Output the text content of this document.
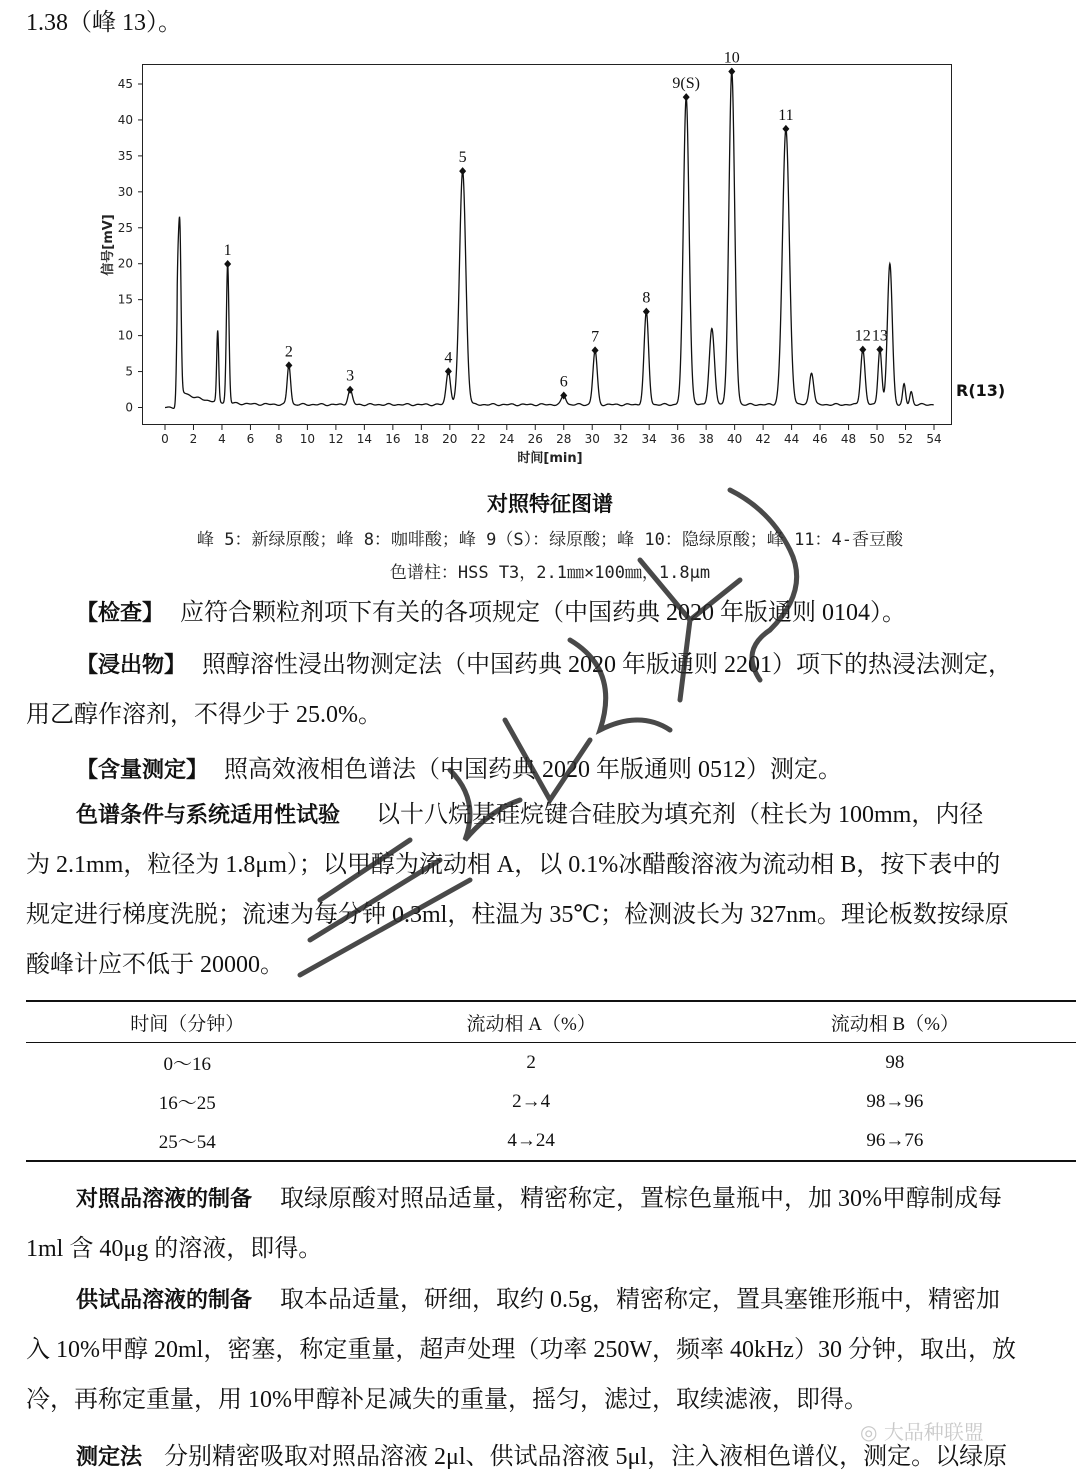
1.38（峰 13）。
0
5
10
15
20
25
30
35
40
45
0 2 4 6 8 10 12 14 16 18 20 22 24 26 28 30 32 34 36 38 40 42 44 46 48 50 52 54
时间[min]
信号[mV]	1
2
3
4
5
6
7
8
9(S)
10
11
12 13
R(13)
对照特征图谱
峰 5：新绿原酸；峰 8：咖啡酸；峰 9（S）：绿原酸；峰 10：隐绿原酸；峰 11：4-香豆酸
色谱柱：HSS T3，2.1㎜×100㎜，1.8μm
【检查】 应符合颗粒剂项下有关的各项规定（中国药典 2020 年版通则 0104）。
【浸出物】 照醇溶性浸出物测定法（中国药典 2020 年版通则 2201）项下的热浸法测定，
用乙醇作溶剂，不得少于 25.0%。
【含量测定】 照高效液相色谱法（中国药典 2020 年版通则 0512）测定。
色谱条件与系统适用性试验 以十八烷基硅烷键合硅胶为填充剂（柱长为 100mm，内径
为 2.1mm，粒径为 1.8μm）；以甲醇为流动相 A，以 0.1%冰醋酸溶液为流动相 B，按下表中的
规定进行梯度洗脱；流速为每分钟 0.3ml，柱温为 35℃；检测波长为 327nm。理论板数按绿原
酸峰计应不低于 20000。
时间（分钟）	流动相 A（%）	流动相 B（%）
0～16	2	98
16～25	2→4	98→96
25～54	4→24	96→76
对照品溶液的制备 取绿原酸对照品适量，精密称定，置棕色量瓶中，加 30%甲醇制成每
1ml 含 40μg 的溶液，即得。
供试品溶液的制备 取本品适量，研细，取约 0.5g，精密称定，置具塞锥形瓶中，精密加
入 10%甲醇 20ml，密塞，称定重量，超声处理（功率 250W，频率 40kHz）30 分钟，取出，放
冷，再称定重量，用 10%甲醇补足减失的重量，摇匀，滤过，取续滤液，即得。
测定法 分别精密吸取对照品溶液 2μl、供试品溶液 5μl，注入液相色谱仪，测定。以绿原
◎ 大品种联盟
